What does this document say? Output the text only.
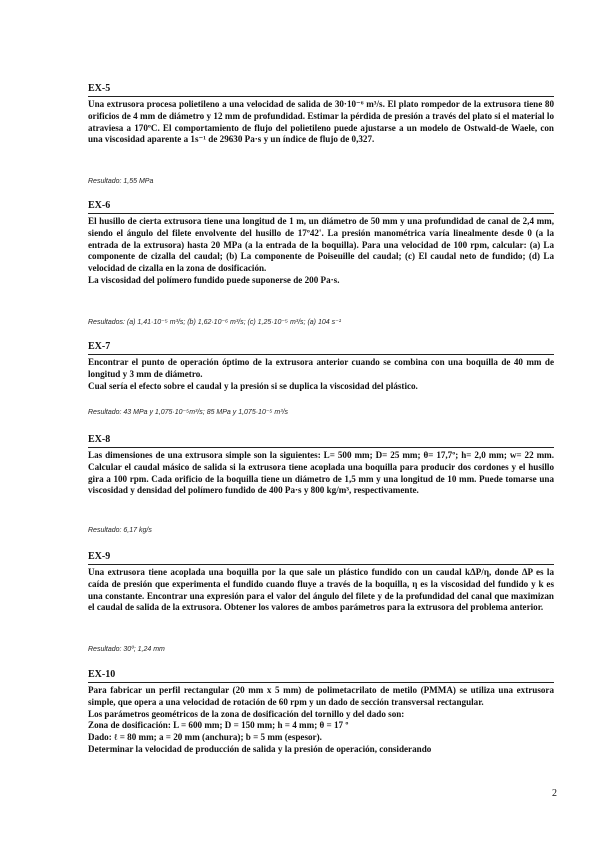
EX-5

Una extrusora procesa polietileno a una velocidad de salida de 30·10⁻⁶ m³/s. El plato rompedor de la extrusora tiene 80 orificios de 4 mm de diámetro y 12 mm de profundidad. Estimar la pérdida de presión a través del plato si el material lo atraviesa a 170ºC. El comportamiento de flujo del polietileno puede ajustarse a un modelo de Ostwald-de Waele, con una viscosidad aparente a 1s⁻¹ de 29630 Pa·s y un índice de flujo de 0,327.

Resultado: 1,55 MPa
EX-6

El husillo de cierta extrusora tiene una longitud de 1 m, un diámetro de 50 mm y una profundidad de canal de 2,4 mm, siendo el ángulo del filete envolvente del husillo de 17º42'. La presión manométrica varía linealmente desde 0 (a la entrada de la extrusora) hasta 20 MPa (a la entrada de la boquilla). Para una velocidad de 100 rpm, calcular: (a) La componente de cizalla del caudal; (b) La componente de Poiseuille del caudal; (c) El caudal neto de fundido; (d) La velocidad de cizalla en la zona de dosificación.

La viscosidad del polímero fundido puede suponerse de 200 Pa·s.

Resultados: (a) 1,41·10⁻⁵ m³/s; (b) 1,62·10⁻⁶ m³/s; (c) 1,25·10⁻⁵ m³/s; (a) 104 s⁻¹
EX-7

Encontrar el punto de operación óptimo de la extrusora anterior cuando se combina con una boquilla de 40 mm de longitud y 3 mm de diámetro.

Cual sería el efecto sobre el caudal y la presión si se duplica la viscosidad del plástico.

Resultado: 43 MPa y 1,075·10⁻⁵m³/s; 85 MPa y 1,075·10⁻⁵ m³/s
EX-8

Las dimensiones de una extrusora simple son la siguientes: L= 500 mm; D= 25 mm; θ= 17,7º; h= 2,0 mm; w= 22 mm. Calcular el caudal másico de salida si la extrusora tiene acoplada una boquilla para producir dos cordones y el husillo gira a 100 rpm. Cada orificio de la boquilla tiene un diámetro de 1,5 mm y una longitud de 10 mm. Puede tomarse una viscosidad y densidad del polímero fundido de 400 Pa·s y 800 kg/m³, respectivamente.

Resultado: 6,17 kg/s
EX-9

Una extrusora tiene acoplada una boquilla por la que sale un plástico fundido con un caudal kΔP/η, donde ΔP es la caída de presión que experimenta el fundido cuando fluye a través de la boquilla, η es la viscosidad del fundido y k es una constante. Encontrar una expresión para el valor del ángulo del filete y de la profundidad del canal que maximizan el caudal de salida de la extrusora. Obtener los valores de ambos parámetros para la extrusora del problema anterior.

Resultado: 30º; 1,24 mm
EX-10

Para fabricar un perfil rectangular (20 mm x 5 mm) de polimetacrilato de metilo (PMMA) se utiliza una extrusora simple, que opera a una velocidad de rotación de 60 rpm y un dado de sección transversal rectangular.

Los parámetros geométricos de la zona de dosificación del tornillo y del dado son:

Zona de dosificación: L = 600 mm; D = 150 mm; h = 4 mm; θ = 17 º

Dado: ℓ = 80 mm; a = 20 mm (anchura); b = 5 mm (espesor).

Determinar la velocidad de producción de salida y la presión de operación, considerando

2
